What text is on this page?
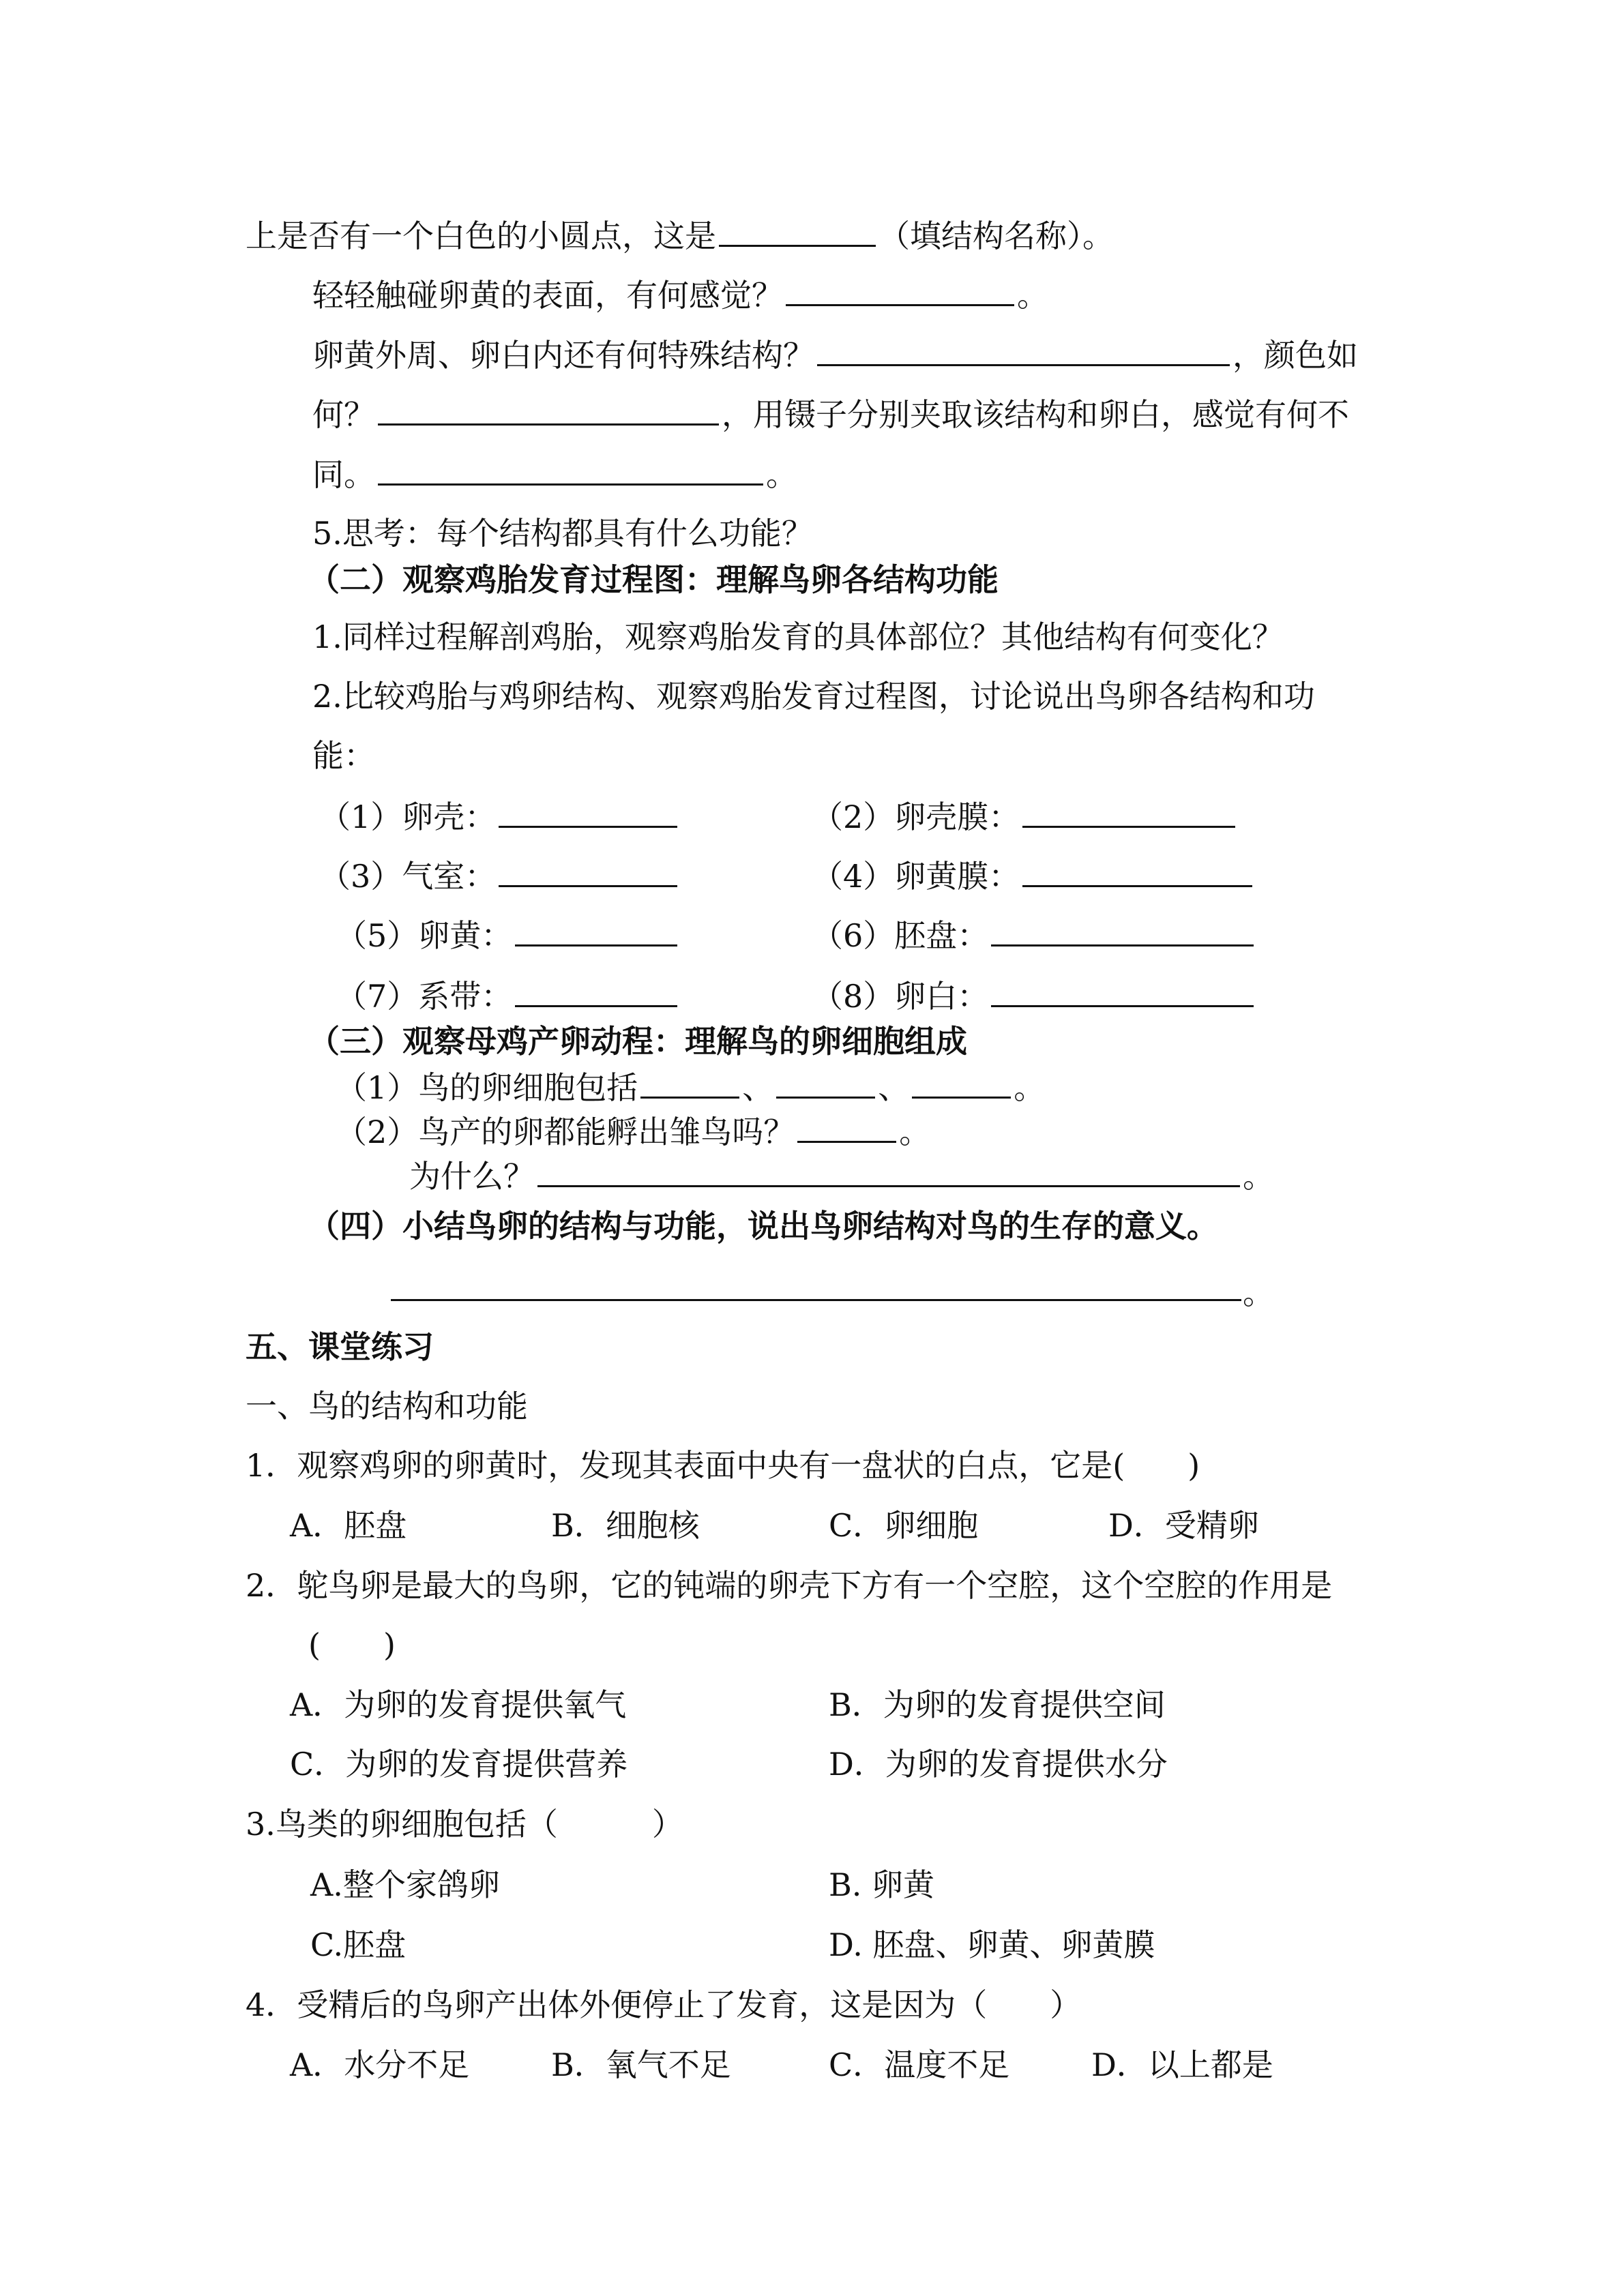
上是否有一个白色的小圆点，这是	（填结构名称）。
轻轻触碰卵黄的表面，有何感觉？	。
卵黄外周、卵白内还有何特殊结构？	，颜色如
何？	，用镊子分别夹取该结构和卵白，感觉有何不
同。	。
5.思考：每个结构都具有什么功能？
（二）观察鸡胎发育过程图：理解鸟卵各结构功能
1.同样过程解剖鸡胎，观察鸡胎发育的具体部位？其他结构有何变化？
2.比较鸡胎与鸡卵结构、观察鸡胎发育过程图，讨论说出鸟卵各结构和功
能：
（1）卵壳：	（2）卵壳膜：
（3）气室：	（4）卵黄膜：
（5）卵黄：	（6）胚盘：
（7）系带：	（8）卵白：
（三）观察母鸡产卵动程：理解鸟的卵细胞组成
（1）鸟的卵细胞包括	、	、	。
（2）鸟产的卵都能孵出雏鸟吗？	。
为什么？	。
（四）小结鸟卵的结构与功能，说出鸟卵结构对鸟的生存的意义。
。
五、课堂练习
一、鸟的结构和功能
1．观察鸡卵的卵黄时，发现其表面中央有一盘状的白点，它是(　　)
A．胚盘	B．细胞核	C．卵细胞	D．受精卵
2．鸵鸟卵是最大的鸟卵，它的钝端的卵壳下方有一个空腔，这个空腔的作用是
(　　)
A．为卵的发育提供氧气	B．为卵的发育提供空间
C．为卵的发育提供营养	D．为卵的发育提供水分
3.鸟类的卵细胞包括（　　　）
A.整个家鸽卵	B. 卵黄
C.胚盘	D. 胚盘、卵黄、卵黄膜
4．受精后的鸟卵产出体外便停止了发育，这是因为（　　）
A．水分不足	B．氧气不足	C．温度不足	D．以上都是
